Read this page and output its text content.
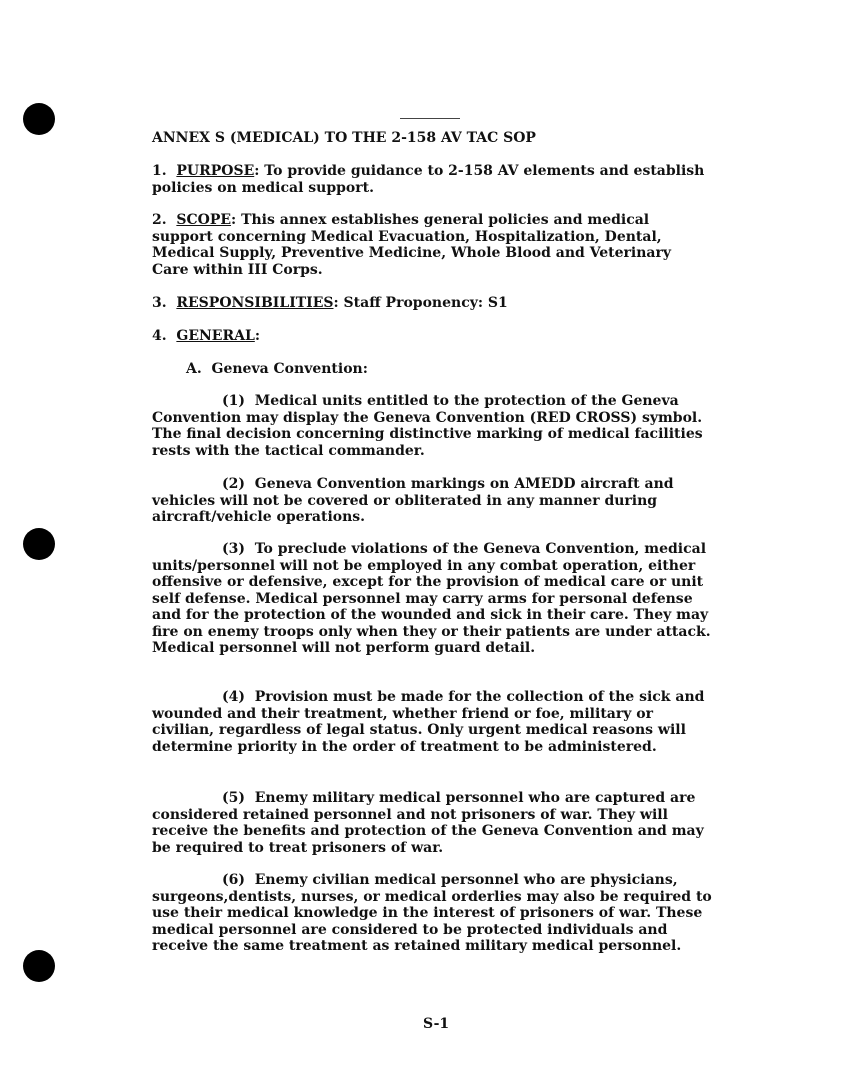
ANNEX S (MEDICAL) TO THE 2-158 AV TAC SOP

1. PURPOSE: To provide guidance to 2-158 AV elements and establish policies on medical support.

2. SCOPE: This annex establishes general policies and medical support concerning Medical Evacuation, Hospitalization, Dental, Medical Supply, Preventive Medicine, Whole Blood and Veterinary Care within III Corps.

3. RESPONSIBILITIES: Staff Proponency: S1

4. GENERAL:

A. Geneva Convention:

(1) Medical units entitled to the protection of the Geneva Convention may display the Geneva Convention (RED CROSS) symbol. The final decision concerning distinctive marking of medical facilities rests with the tactical commander.

(2) Geneva Convention markings on AMEDD aircraft and vehicles will not be covered or obliterated in any manner during aircraft/vehicle operations.

(3) To preclude violations of the Geneva Convention, medical units/personnel will not be employed in any combat operation, either offensive or defensive, except for the provision of medical care or unit self defense. Medical personnel may carry arms for personal defense and for the protection of the wounded and sick in their care. They may fire on enemy troops only when they or their patients are under attack. Medical personnel will not perform guard detail.

(4) Provision must be made for the collection of the sick and wounded and their treatment, whether friend or foe, military or civilian, regardless of legal status. Only urgent medical reasons will determine priority in the order of treatment to be administered.

(5) Enemy military medical personnel who are captured are considered retained personnel and not prisoners of war. They will receive the benefits and protection of the Geneva Convention and may be required to treat prisoners of war.

(6) Enemy civilian medical personnel who are physicians, surgeons,dentists, nurses, or medical orderlies may also be required to use their medical knowledge in the interest of prisoners of war. These medical personnel are considered to be protected individuals and receive the same treatment as retained military medical personnel.

S-1
